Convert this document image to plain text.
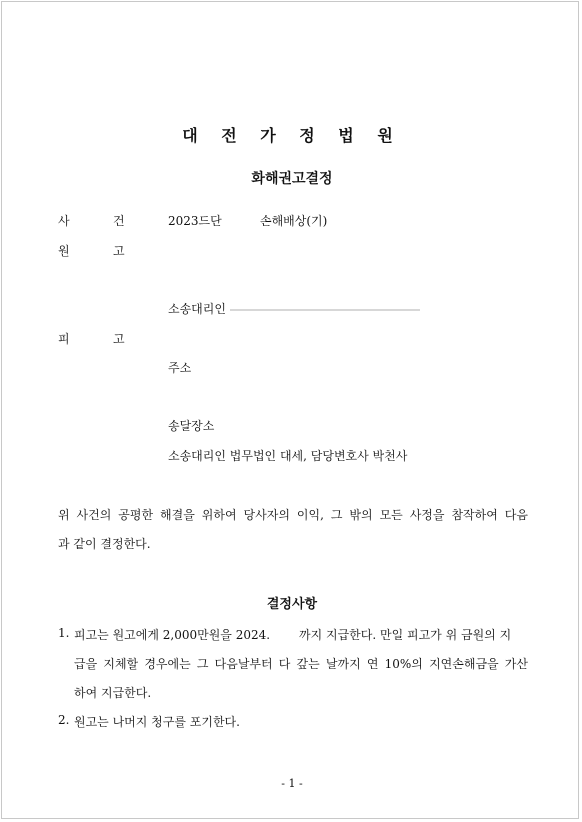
대 전 가 정 법 원
화해권고결정
사	건	2023드단	손해배상(기)
원	고
소송대리인
피	고
주소
송달장소
소송대리인 법무법인 대세, 담당변호사 박천사
위 사건의 공평한 해결을 위하여 당사자의 이익, 그 밖의 모든 사정을 참작하여 다음
과 같이 결정한다.
결정사항
1. 피고는 원고에게 2,000만원을 2024. 까지 지급한다. 만일 피고가 위 금원의 지
급을 지체할 경우에는 그 다음날부터 다 갚는 날까지 연 10%의 지연손해금을 가산
하여 지급한다.
2. 원고는 나머지 청구를 포기한다.
- 1 -
